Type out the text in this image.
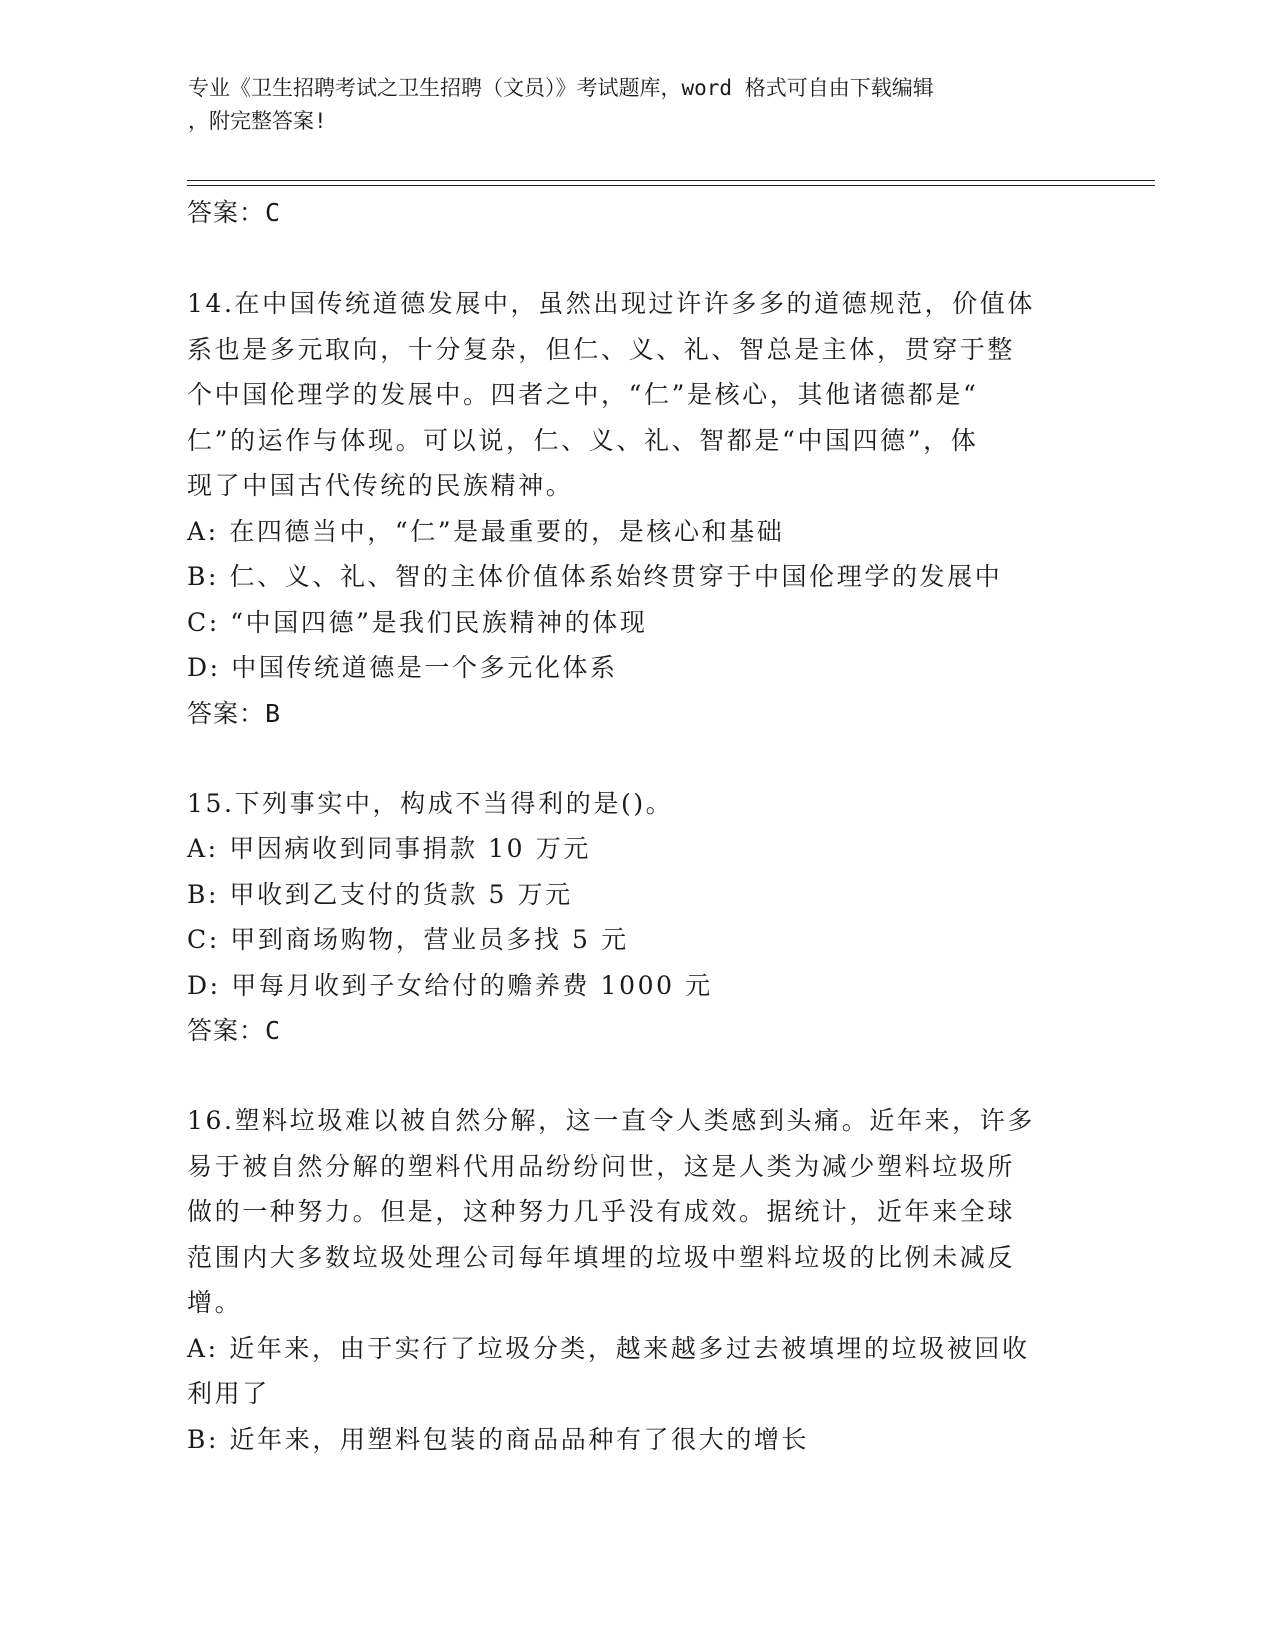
专业《卫生招聘考试之卫生招聘（文员）》考试题库，word 格式可自由下载编辑
，附完整答案!
答案：C
14.在中国传统道德发展中，虽然出现过许许多多的道德规范，价值体
系也是多元取向，十分复杂，但仁、义、礼、智总是主体，贯穿于整
个中国伦理学的发展中。四者之中，“仁”是核心，其他诸德都是“
仁”的运作与体现。可以说，仁、义、礼、智都是“中国四德”，体
现了中国古代传统的民族精神。
A: 在四德当中，“仁”是最重要的，是核心和基础
B: 仁、义、礼、智的主体价值体系始终贯穿于中国伦理学的发展中
C: “中国四德”是我们民族精神的体现
D: 中国传统道德是一个多元化体系
答案：B
15.下列事实中，构成不当得利的是()。
A: 甲因病收到同事捐款 10 万元
B: 甲收到乙支付的货款 5 万元
C: 甲到商场购物，营业员多找 5 元
D: 甲每月收到子女给付的赡养费 1000 元
答案：C
16.塑料垃圾难以被自然分解，这一直令人类感到头痛。近年来，许多
易于被自然分解的塑料代用品纷纷问世，这是人类为减少塑料垃圾所
做的一种努力。但是，这种努力几乎没有成效。据统计，近年来全球
范围内大多数垃圾处理公司每年填埋的垃圾中塑料垃圾的比例未减反
增。
A: 近年来，由于实行了垃圾分类，越来越多过去被填埋的垃圾被回收
利用了
B: 近年来，用塑料包装的商品品种有了很大的增长
